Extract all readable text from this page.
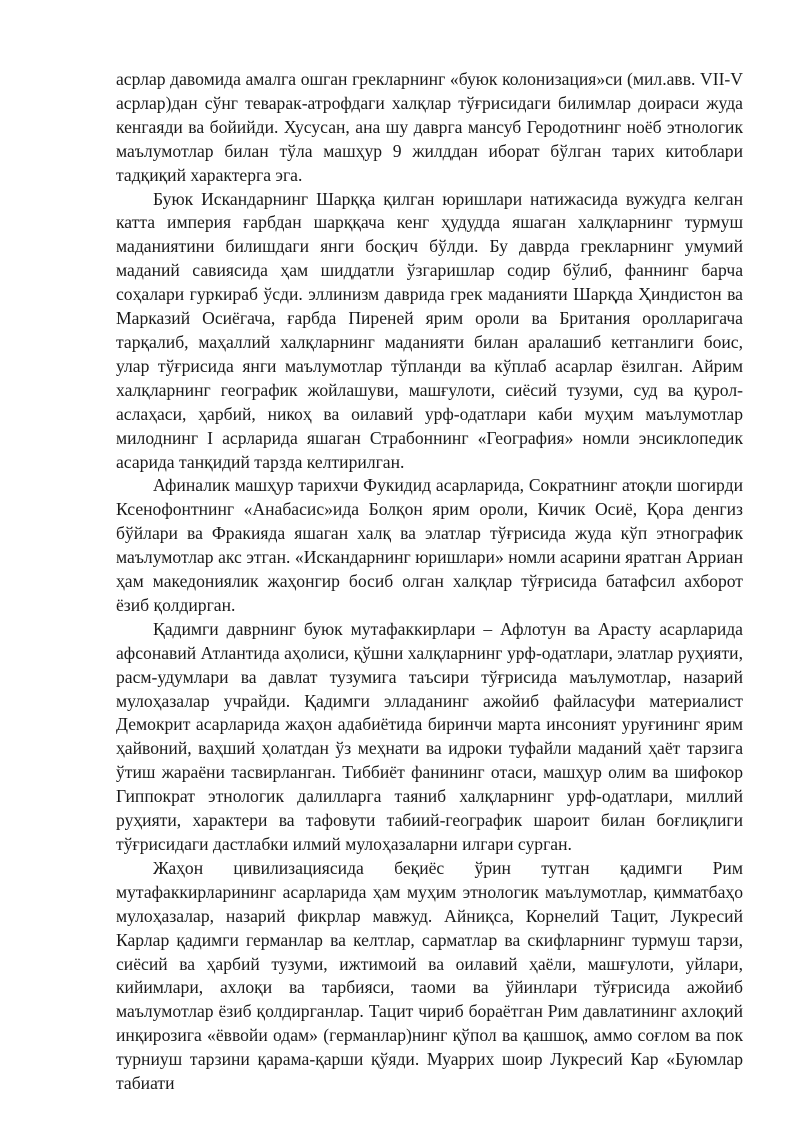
асрлар давомида амалга ошган грекларнинг «буюк колонизация»си (мил.авв. VII-V асрлар)дан сўнг теварак-атрофдаги халқлар тўғрисидаги билимлар доираси жуда кенгаяди ва бойийди. Хусусан, ана шу даврга мансуб Геродотнинг ноёб этнологик маълумотлар билан тўла машҳур 9 жилддан иборат бўлган тарих китоблари тадқиқий характерга эга.

Буюк Искандарнинг Шарққа қилган юришлари натижасида вужудга келган катта империя ғарбдан шарққача кенг ҳудудда яшаган халқларнинг турмуш маданиятини билишдаги янги босқич бўлди. Бу даврда грекларнинг умумий маданий савиясида ҳам шиддатли ўзгаришлар содир бўлиб, фаннинг барча соҳалари гуркираб ўсди. эллинизм даврида грек маданияти Шарқда Ҳиндистон ва Марказий Осиёгача, ғарбда Пиреней ярим ороли ва Британия оролларигача тарқалиб, маҳаллий халқларнинг маданияти билан аралашиб кетганлиги боис, улар тўғрисида янги маълумотлар тўпланди ва кўплаб асарлар ёзилган. Айрим халқларнинг географик жойлашуви, машғулоти, сиёсий тузуми, суд ва қурол-аслаҳаси, ҳарбий, никоҳ ва оилавий урф-одатлари каби муҳим маълумотлар милоднинг I асрларида яшаган Страбоннинг «География» номли энсиклопедик асарида танқидий тарзда келтирилган.

Афиналик машҳур тарихчи Фукидид асарларида, Сократнинг атоқли шогирди Ксенофонтнинг «Анабасис»ида Болқон ярим ороли, Кичик Осиё, Қора денгиз бўйлари ва Фракияда яшаган халқ ва элатлар тўғрисида жуда кўп этнографик маълумотлар акс этган. «Искандарнинг юришлари» номли асарини яратган Арриан ҳам македониялик жаҳонгир босиб олган халқлар тўғрисида батафсил ахборот ёзиб қолдирган.

Қадимги даврнинг буюк мутафаккирлари – Афлотун ва Арасту асарларида афсонавий Атлантида аҳолиси, қўшни халқларнинг урф-одатлари, элатлар руҳияти, расм-удумлари ва давлат тузумига таъсири тўғрисида маълумотлар, назарий мулоҳазалар учрайди. Қадимги элладанинг ажойиб файласуфи материалист Демокрит асарларида жаҳон адабиётида биринчи марта инсоният уруғининг ярим ҳайвоний, ваҳший ҳолатдан ўз меҳнати ва идроки туфайли маданий ҳаёт тарзига ўтиш жараёни тасвирланган. Тиббиёт фанининг отаси, машҳур олим ва шифокор Гиппократ этнологик далилларга таяниб халқларнинг урф-одатлари, миллий руҳияти, характери ва тафовути табиий-географик шароит билан боғлиқлиги тўғрисидаги дастлабки илмий мулоҳазаларни илгари сурган.

Жаҳон цивилизациясида беқиёс ўрин тутган қадимги Рим мутафаккирларининг асарларида ҳам муҳим этнологик маълумотлар, қимматбаҳо мулоҳазалар, назарий фикрлар мавжуд. Айниқса, Корнелий Тацит, Лукресий Карлар қадимги германлар ва келтлар, сарматлар ва скифларнинг турмуш тарзи, сиёсий ва ҳарбий тузуми, ижтимоий ва оилавий ҳаёли, машғулоти, уйлари, кийимлари, ахлоқи ва тарбияси, таоми ва ўйинлари тўғрисида ажойиб маълумотлар ёзиб қолдирганлар. Тацит чириб бораётган Рим давлатининг ахлоқий инқирозига «ёввойи одам» (германлар)нинг қўпол ва қашшоқ, аммо соғлом ва пок турниуш тарзини қарама-қарши қўяди. Муаррих шоир Лукресий Кар «Буюмлар табиати
